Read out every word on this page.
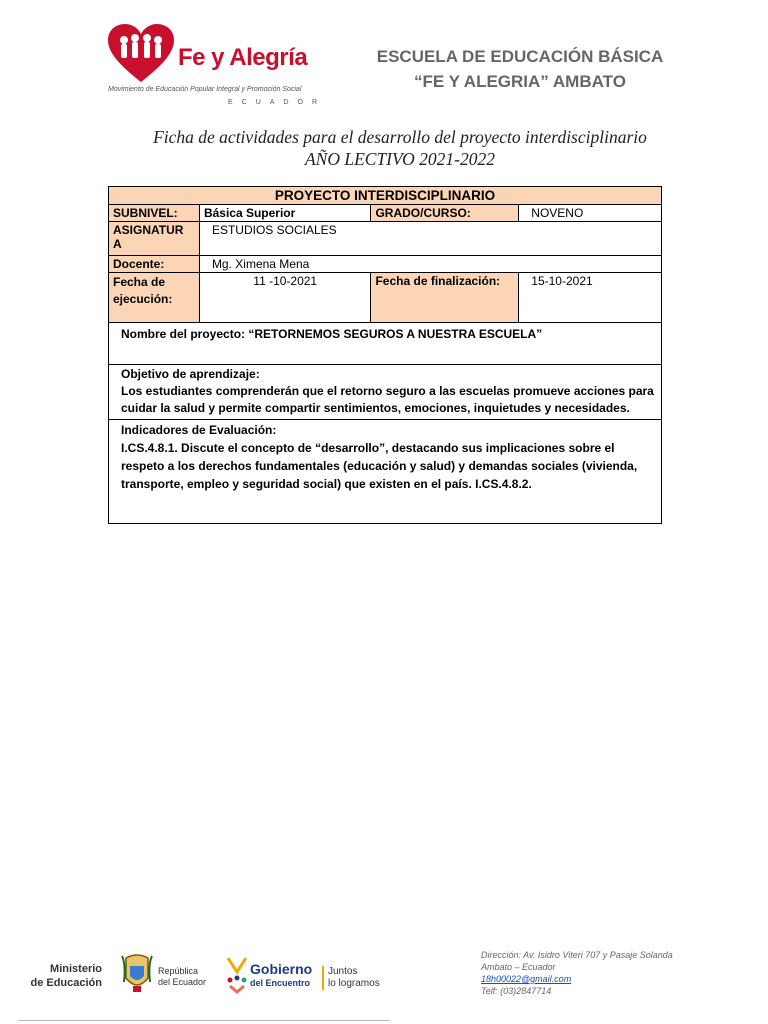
Fe y Alegría
Movimiento de Educación Popular Integral y Promoción Social
ECUADOR
ESCUELA DE EDUCACIÓN BÁSICA
“FE Y ALEGRIA” AMBATO
Ficha de actividades para el desarrollo del proyecto interdisciplinario
AÑO LECTIVO 2021-2022
PROYECTO INTERDISCIPLINARIO			
SUBNIVEL:	Básica Superior	GRADO/CURSO:	NOVENO
ASIGNATUR A	ESTUDIOS SOCIALES		
Docente:	Mg. Ximena Mena		
Fecha de ejecución:	11 -10-2021	Fecha de finalización:	15-10-2021
Nombre del proyecto: “RETORNEMOS SEGUROS A NUESTRA ESCUELA”			

Objetivo de aprendizaje:
Los estudiantes comprenderán que el retorno seguro a las escuelas promueve acciones para cuidar la salud y permite compartir sentimientos, emociones, inquietudes y necesidades.			

Indicadores de Evaluación:
I.CS.4.8.1. Discute el concepto de “desarrollo”, destacando sus implicaciones sobre el respeto a los derechos fundamentales (educación y salud) y demandas sociales (vivienda, transporte, empleo y seguridad social) que existen en el país. I.CS.4.8.2.			
Ministerio
de Educación
República
del Ecuador
Gobierno
del Encuentro
Juntos
lo logramos
Dirección: Av. Isidro Viteri 707 y Pasaje Solanda
Ambato – Ecuador
18h00022@gmail.com
Telf: (03)2847714
